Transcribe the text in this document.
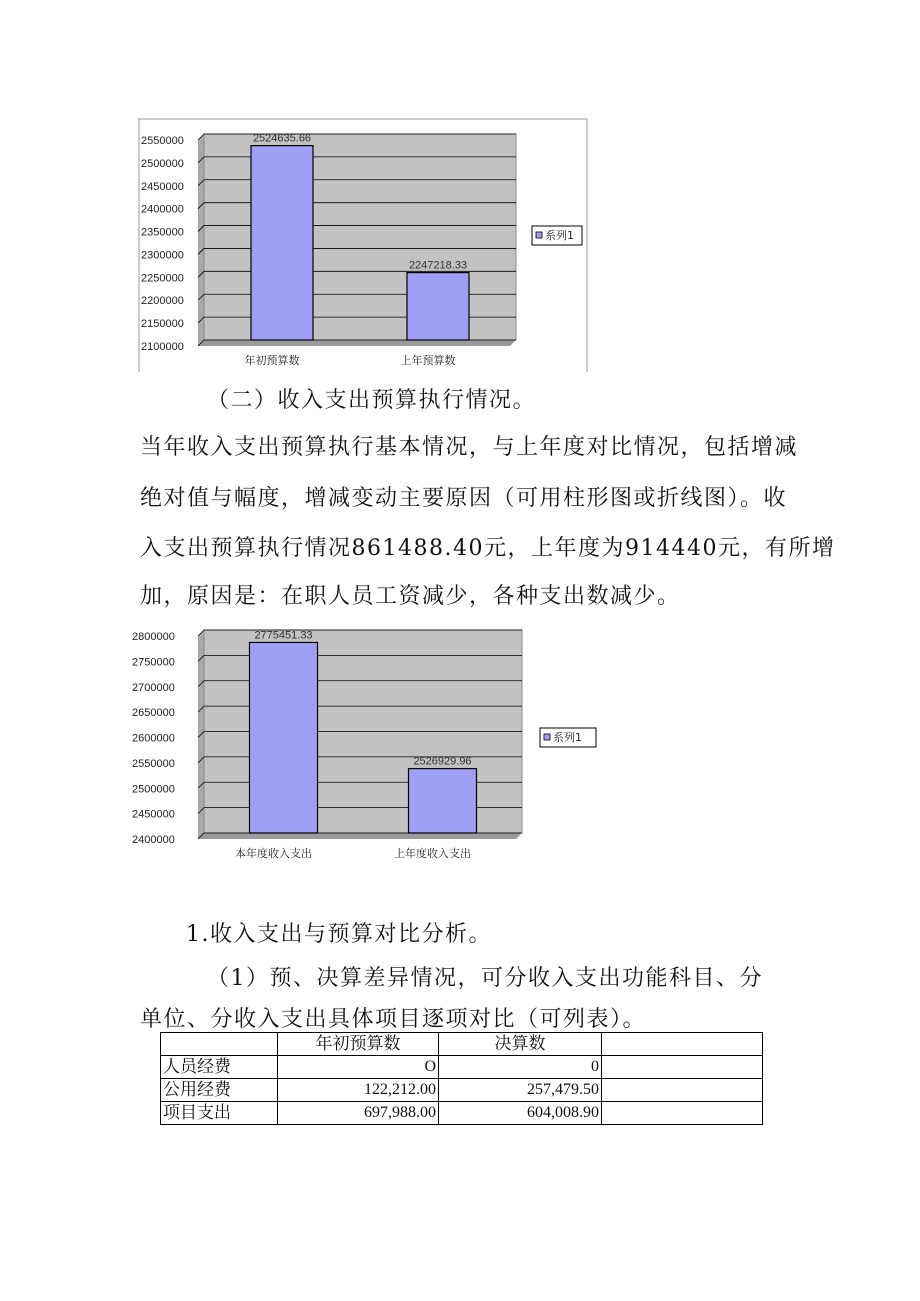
2550000
2500000
2450000
2400000
2350000
2300000
2250000
2200000
2150000
2100000
2524635.66
年初预算数
2247218.33
上年预算数
系列1
（二）收入支出预算执行情况。
当年收入支出预算执行基本情况，与上年度对比情况，包括增减
绝对值与幅度，增减变动主要原因（可用柱形图或折线图）。收
入支出预算执行情况861488.40元，上年度为914440元，有所增
加，原因是：在职人员工资减少，各种支出数减少。
2800000
2750000
2700000
2650000
2600000
2550000
2500000
2450000
2400000
2775451.33
本年度收入支出
2526929.96
上年度收入支出
系列1
1.收入支出与预算对比分析。
（1）预、决算差异情况，可分收入支出功能科目、分
单位、分收入支出具体项目逐项对比（可列表）。
	年初预算数	决算数	
人员经费	O	0	
公用经费	122,212.00	257,479.50	
项目支出	697,988.00	604,008.90	
